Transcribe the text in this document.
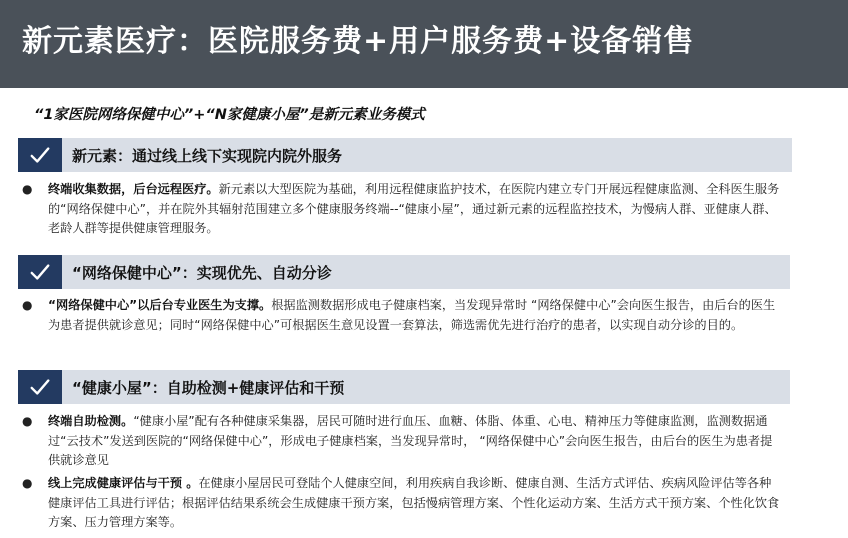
新元素医疗：医院服务费+用户服务费+设备销售
“1家医院网络保健中心”+“N家健康小屋”是新元素业务模式
新元素：通过线上线下实现院内院外服务
●	终端收集数据，后台远程医疗。新元素以大型医院为基础，利用远程健康监护技术，在医院内建立专门开展远程健康监测、全科医生服务的“网络保健中心”，并在院外其辐射范围建立多个健康服务终端--“健康小屋”，通过新元素的远程监控技术，为慢病人群、亚健康人群、老龄人群等提供健康管理服务。
“网络保健中心”：实现优先、自动分诊
●	“网络保健中心”以后台专业医生为支撑。根据监测数据形成电子健康档案，当发现异常时 “网络保健中心”会向医生报告，由后台的医生为患者提供就诊意见；同时“网络保健中心”可根据医生意见设置一套算法，筛选需优先进行治疗的患者，以实现自动分诊的目的。
“健康小屋”：自助检测+健康评估和干预
●	终端自助检测。“健康小屋”配有各种健康采集器，居民可随时进行血压、血糖、体脂、体重、心电、精神压力等健康监测，监测数据通过“云技术”发送到医院的“网络保健中心”，形成电子健康档案，当发现异常时， “网络保健中心”会向医生报告，由后台的医生为患者提供就诊意见
●	线上完成健康评估与干预 。在健康小屋居民可登陆个人健康空间，利用疾病自我诊断、健康自测、生活方式评估、疾病风险评估等各种健康评估工具进行评估；根据评估结果系统会生成健康干预方案，包括慢病管理方案、个性化运动方案、生活方式干预方案、个性化饮食方案、压力管理方案等。
